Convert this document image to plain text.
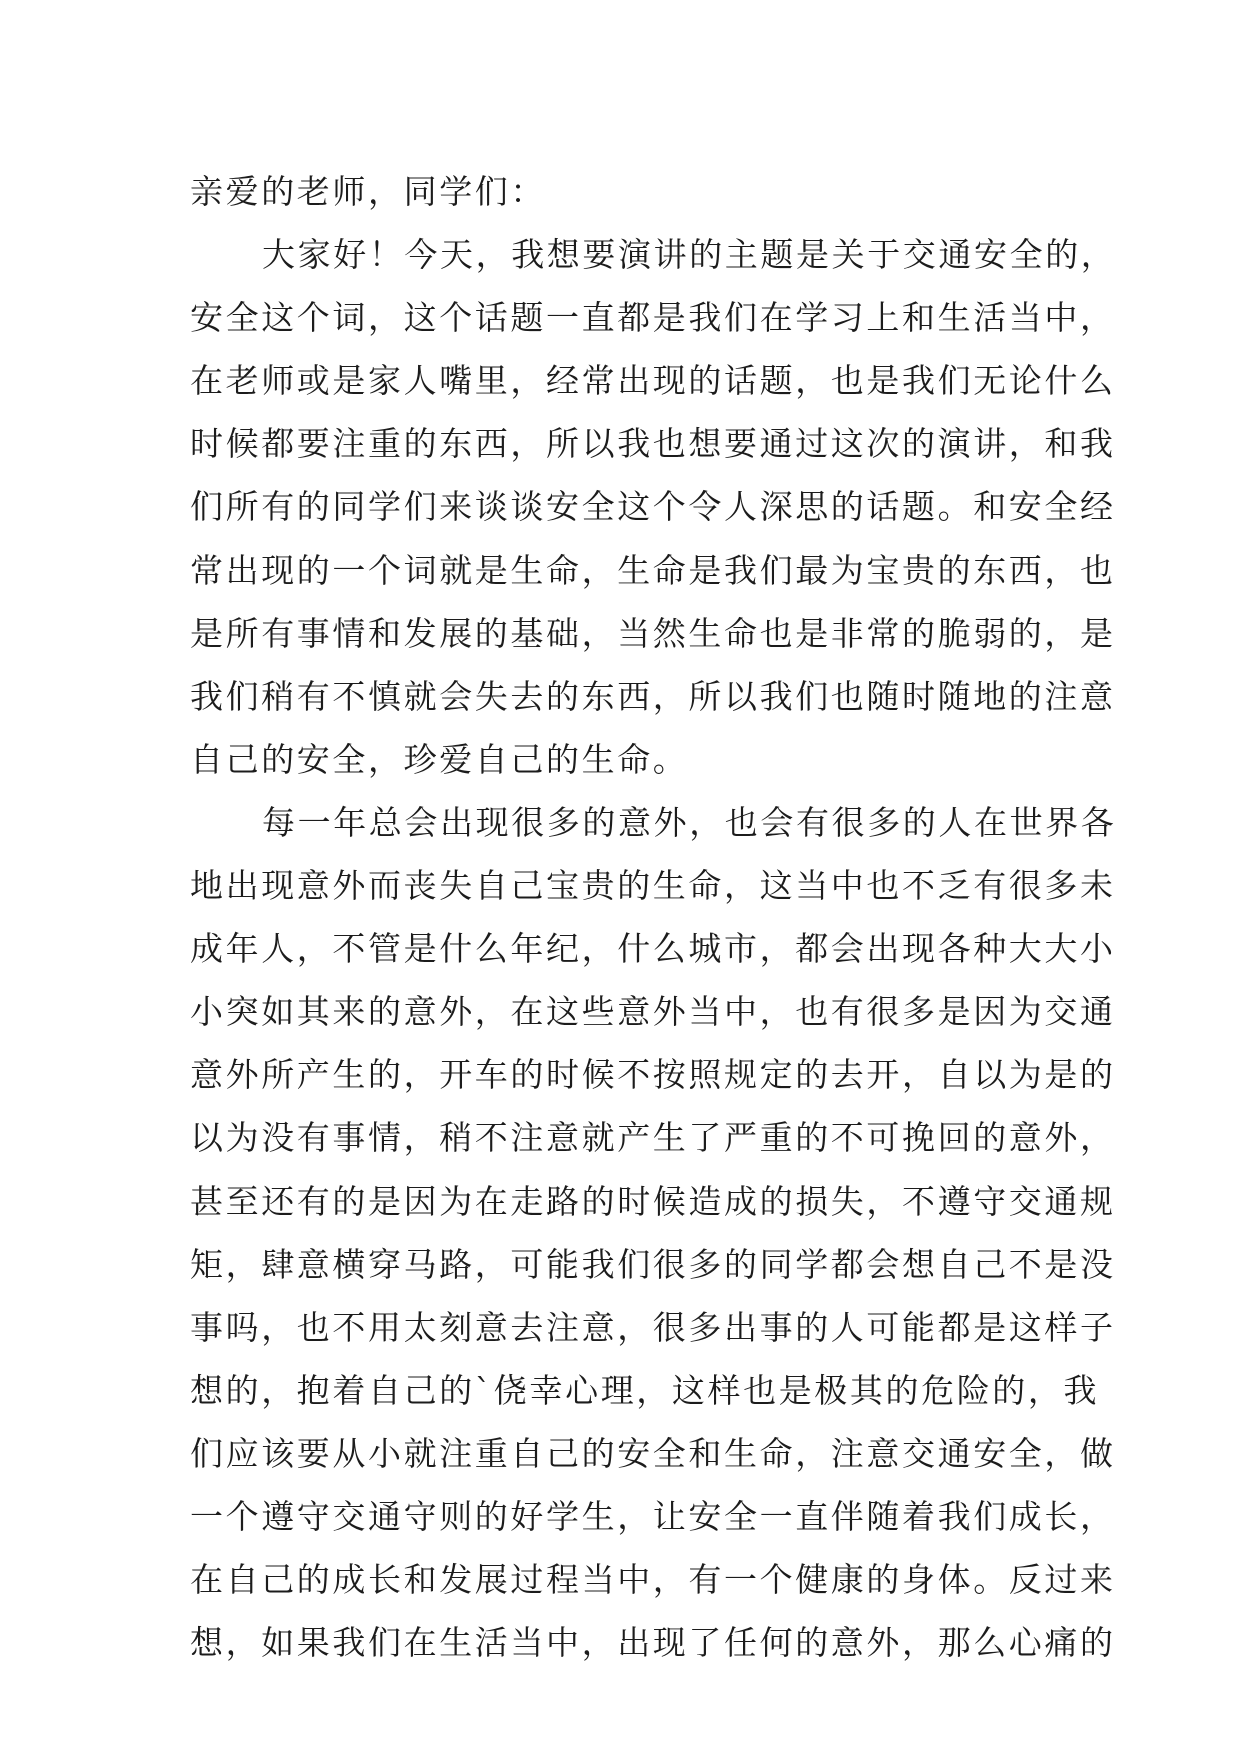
亲爱的老师，同学们：
大家好！今天，我想要演讲的主题是关于交通安全的，
安全这个词，这个话题一直都是我们在学习上和生活当中，
在老师或是家人嘴里，经常出现的话题，也是我们无论什么
时候都要注重的东西，所以我也想要通过这次的演讲，和我
们所有的同学们来谈谈安全这个令人深思的话题。和安全经
常出现的一个词就是生命，生命是我们最为宝贵的东西，也
是所有事情和发展的基础，当然生命也是非常的脆弱的，是
我们稍有不慎就会失去的东西，所以我们也随时随地的注意
自己的安全，珍爱自己的生命。
每一年总会出现很多的意外，也会有很多的人在世界各
地出现意外而丧失自己宝贵的生命，这当中也不乏有很多未
成年人，不管是什么年纪，什么城市，都会出现各种大大小
小突如其来的意外，在这些意外当中，也有很多是因为交通
意外所产生的，开车的时候不按照规定的去开，自以为是的
以为没有事情，稍不注意就产生了严重的不可挽回的意外，
甚至还有的是因为在走路的时候造成的损失，不遵守交通规
矩，肆意横穿马路，可能我们很多的同学都会想自己不是没
事吗，也不用太刻意去注意，很多出事的人可能都是这样子
想的，抱着自己的`侥幸心理，这样也是极其的危险的，我
们应该要从小就注重自己的安全和生命，注意交通安全，做
一个遵守交通守则的好学生，让安全一直伴随着我们成长，
在自己的成长和发展过程当中，有一个健康的身体。反过来
想，如果我们在生活当中，出现了任何的意外，那么心痛的
